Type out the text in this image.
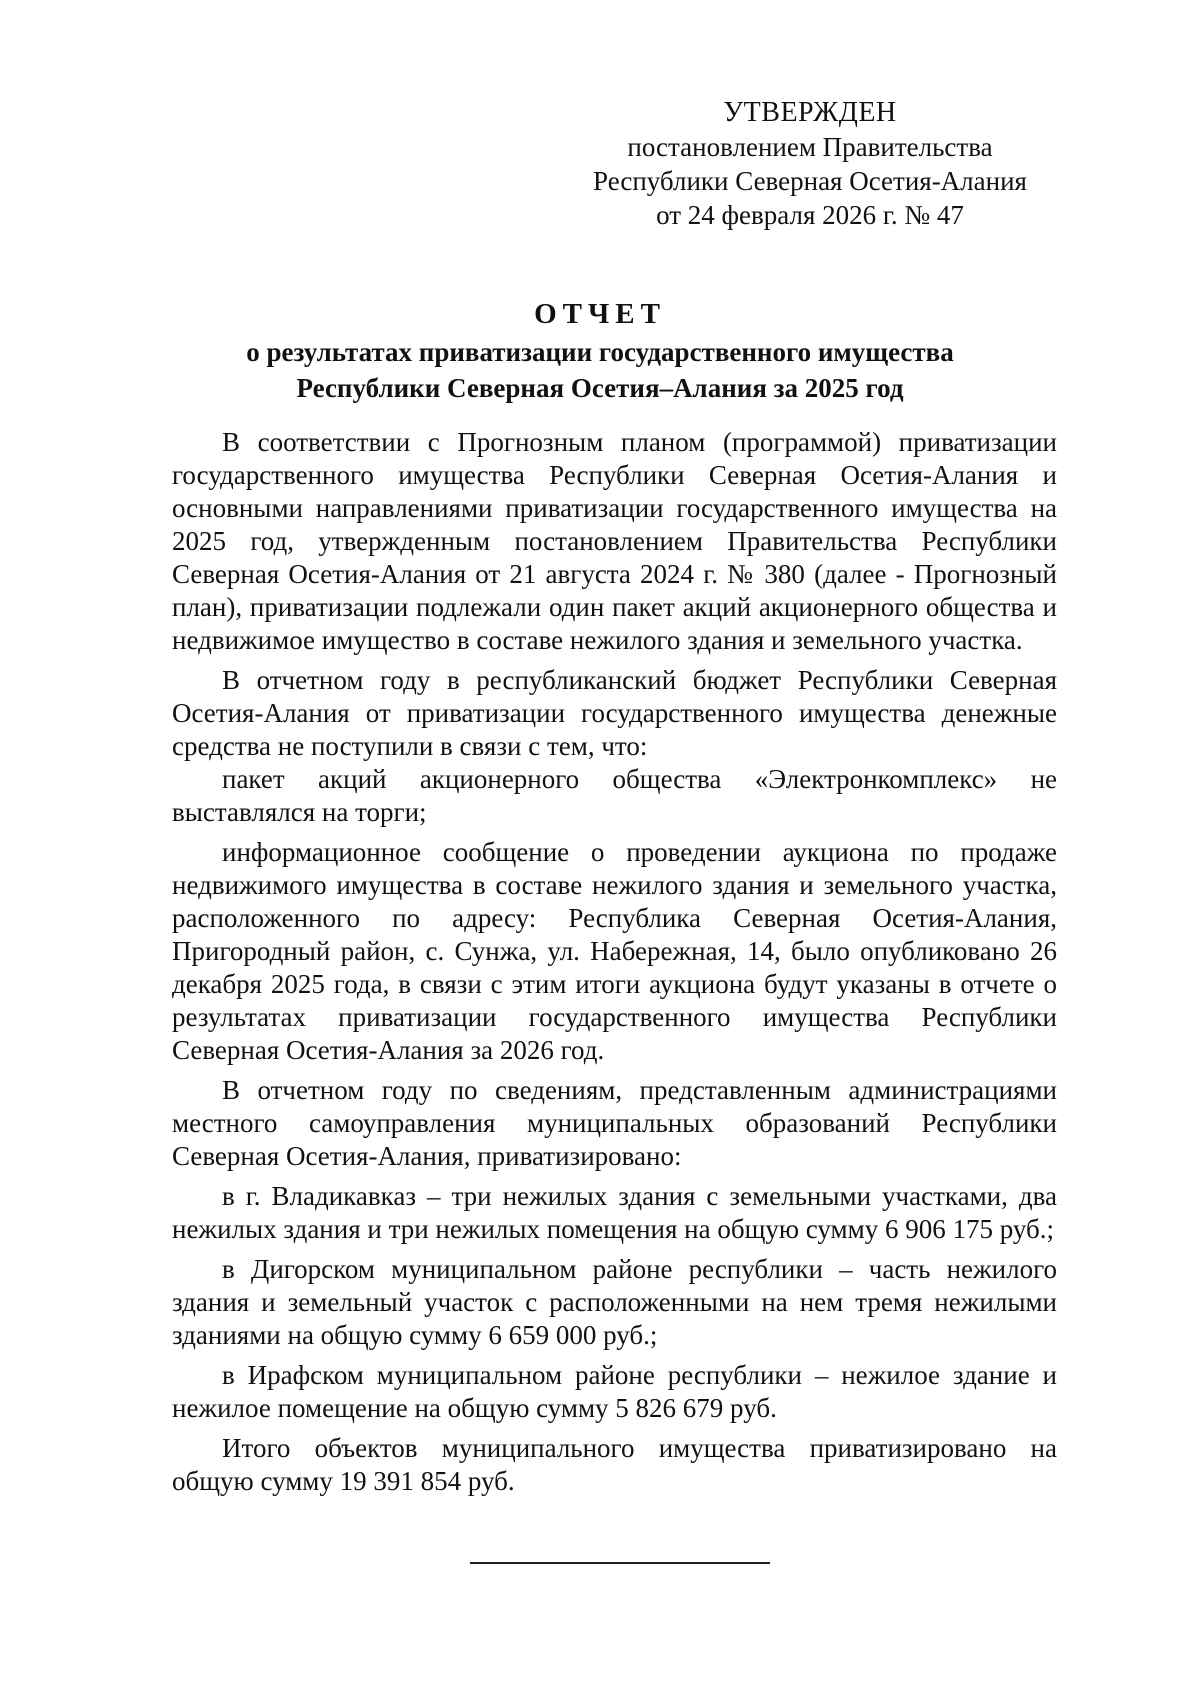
УТВЕРЖДЕН
постановлением Правительства
Республики Северная Осетия-Алания
от 24 февраля 2026 г. № 47
ОТЧЕТ
о результатах приватизации государственного имущества
Республики Северная Осетия–Алания за 2025 год

В соответствии с Прогнозным планом (программой) приватизации государственного имущества Республики Северная Осетия-Алания и основными направлениями приватизации государственного имущества на 2025 год, утвержденным постановлением Правительства Республики Северная Осетия-Алания от 21 августа 2024 г. № 380 (далее - Прогнозный план), приватизации подлежали один пакет акций акционерного общества и недвижимое имущество в составе нежилого здания и земельного участка.

В отчетном году в республиканский бюджет Республики Северная Осетия-Алания от приватизации государственного имущества денежные средства не поступили в связи с тем, что:

пакет акций акционерного общества «Электронкомплекс» не выставлялся на торги;

информационное сообщение о проведении аукциона по продаже недвижимого имущества в составе нежилого здания и земельного участка, расположенного по адресу: Республика Северная Осетия-Алания, Пригородный район, с. Сунжа, ул. Набережная, 14, было опубликовано 26 декабря 2025 года, в связи с этим итоги аукциона будут указаны в отчете о результатах приватизации государственного имущества Республики Северная Осетия-Алания за 2026 год.

В отчетном году по сведениям, представленным администрациями местного самоуправления муниципальных образований Республики Северная Осетия-Алания, приватизировано:

в г. Владикавказ – три нежилых здания с земельными участками, два нежилых здания и три нежилых помещения на общую сумму 6 906 175 руб.;

в Дигорском муниципальном районе республики – часть нежилого здания и земельный участок с расположенными на нем тремя нежилыми зданиями на общую сумму 6 659 000 руб.;

в Ирафском муниципальном районе республики – нежилое здание и нежилое помещение на общую сумму 5 826 679 руб.

Итого объектов муниципального имущества приватизировано на общую сумму 19 391 854 руб.
